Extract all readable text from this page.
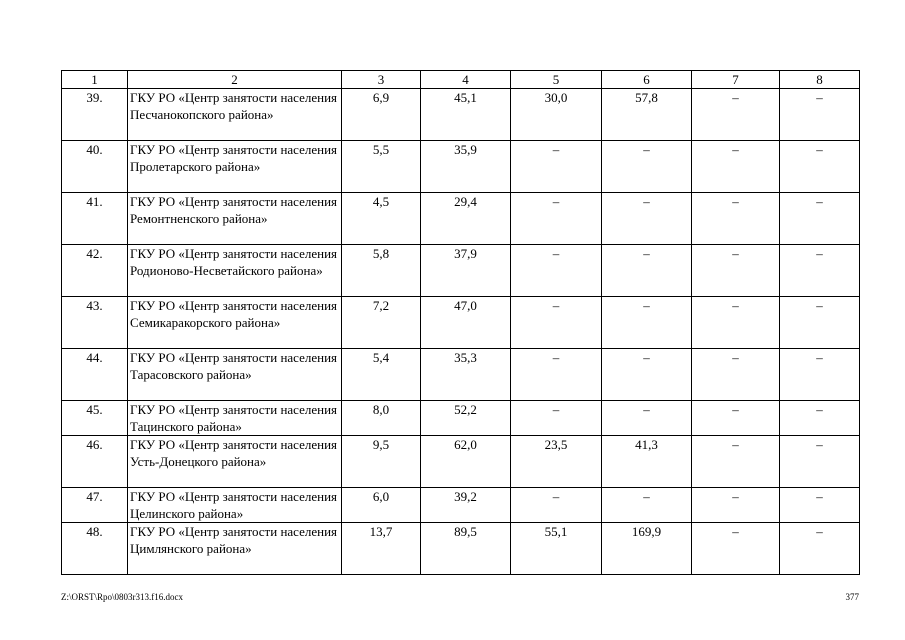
1	2	3	4	5	6	7	8
39.	ГКУ РО «Центр занятости населения Песчанокопского района»	6,9	45,1	30,0	57,8	–	–
40.	ГКУ РО «Центр занятости населения Пролетарского района»	5,5	35,9	–	–	–	–
41.	ГКУ РО «Центр занятости населения Ремонтненского района»	4,5	29,4	–	–	–	–
42.	ГКУ РО «Центр занятости населения Родионово-Несветайского района»	5,8	37,9	–	–	–	–
43.	ГКУ РО «Центр занятости населения Семикаракорского района»	7,2	47,0	–	–	–	–
44.	ГКУ РО «Центр занятости населения Тарасовского района»	5,4	35,3	–	–	–	–
45.	ГКУ РО «Центр занятости населения Тацинского района»	8,0	52,2	–	–	–	–
46.	ГКУ РО «Центр занятости населения Усть-Донецкого района»	9,5	62,0	23,5	41,3	–	–
47.	ГКУ РО «Центр занятости населения Целинского района»	6,0	39,2	–	–	–	–
48.	ГКУ РО «Центр занятости населения Цимлянского района»	13,7	89,5	55,1	169,9	–	–
Z:\ORST\Rpo\0803r313.f16.docx	377
